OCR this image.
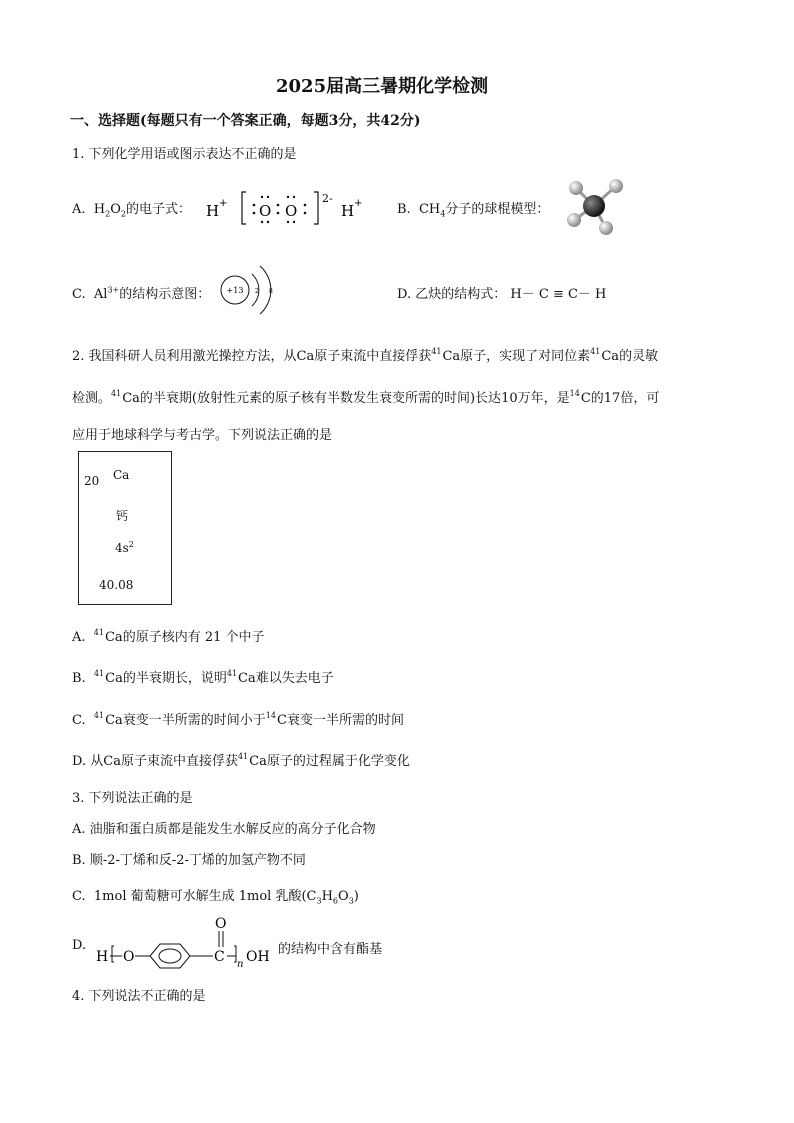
2025届高三暑期化学检测
一、选择题(每题只有一个答案正确，每题3分，共42分)
1. 下列化学用语或图示表达不正确的是
A. $H_2O_2$的电子式： H + O O
2-
H +	B. $CH_4$分子的球棍模型：
C. $Al^{3+}$的结构示意图： +13 2 8	D. 乙炔的结构式： H－ C ≡ C－ H
2. 我国科研人员利用激光操控方法，从Ca原子束流中直接俘获$^{41}$Ca原子，实现了对同位素$^{41}$Ca的灵敏
检测。$^{41}$Ca的半衰期(放射性元素的原子核有半数发生衰变所需的时间)长达10万年，是$^{14}$C的17倍，可
应用于地球科学与考古学。下列说法正确的是
20 Ca
钙
$4s^2$
40.08
A. $^{41}$Ca的原子核内有 21 个中子
B. $^{41}$Ca的半衰期长，说明$^{41}$Ca难以失去电子
C. $^{41}$Ca衰变一半所需的时间小于$^{14}$C衰变一半所需的时间
D. 从Ca原子束流中直接俘获$^{41}$Ca原子的过程属于化学变化
3. 下列说法正确的是
A. 油脂和蛋白质都是能发生水解反应的高分子化合物
B. 顺-2-丁烯和反-2-丁烯的加氢产物不同
C. 1mol 葡萄糖可水解生成 1mol 乳酸$(C_3H_6O_3)$
D.
H O	C
O
n OH 的结构中含有酯基
4. 下列说法不正确的是
